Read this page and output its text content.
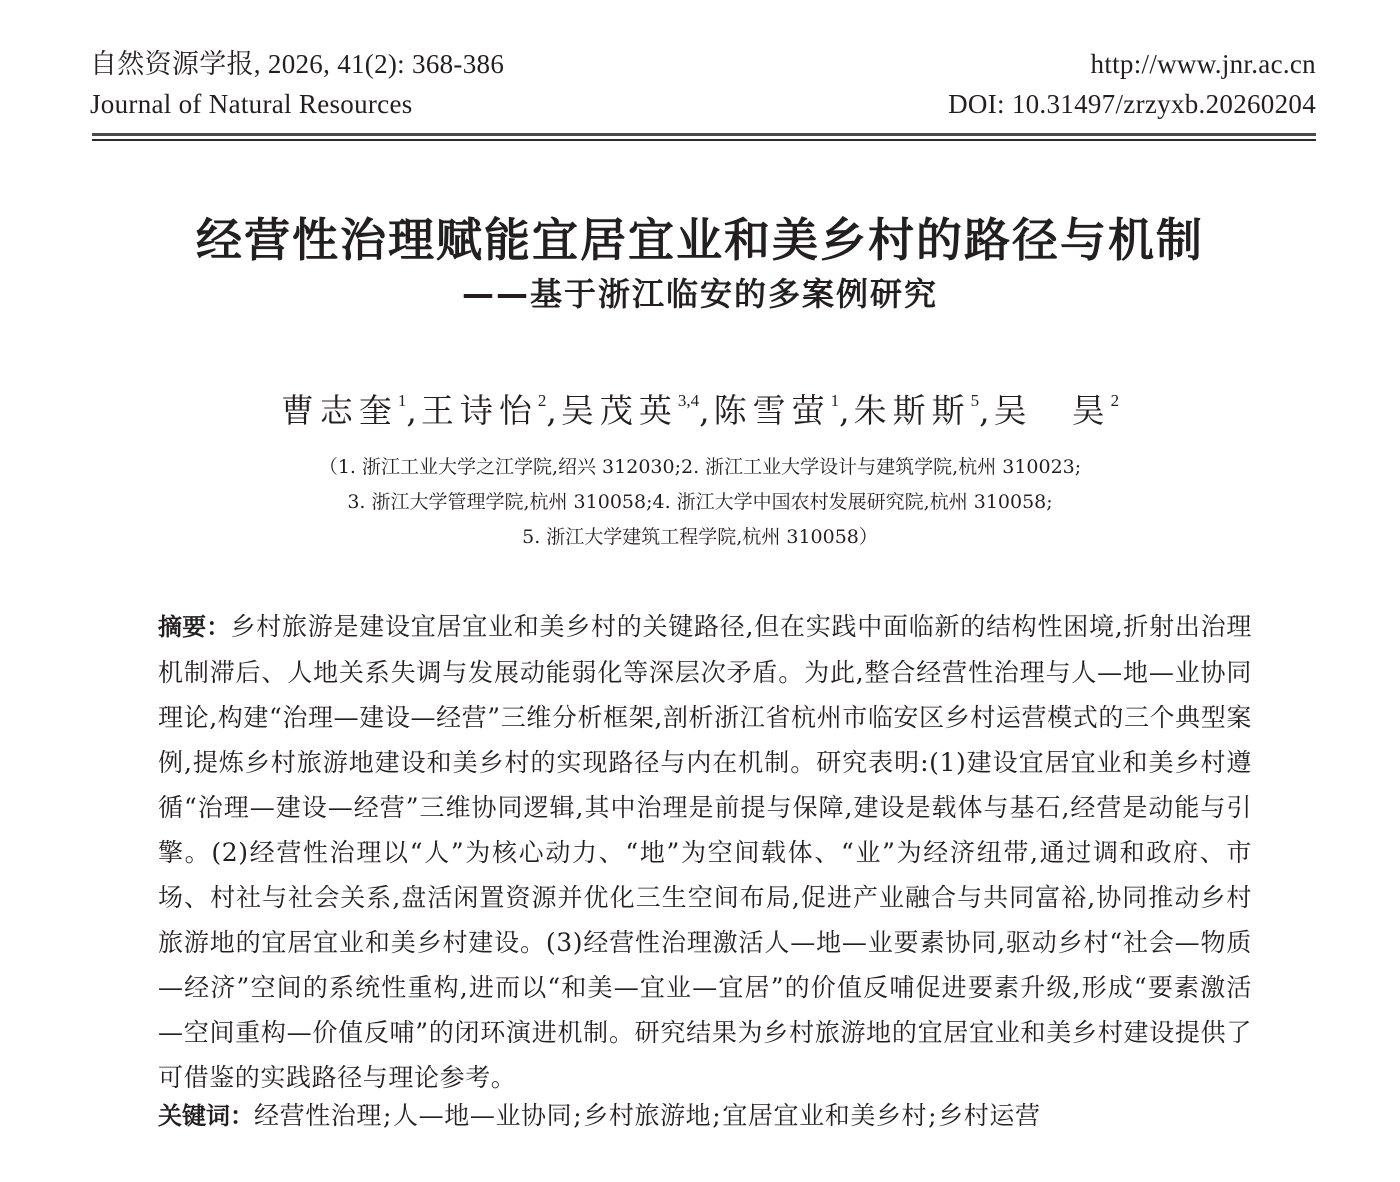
自然资源学报, 2026, 41(2): 368-386
Journal of Natural Resources
http://www.jnr.ac.cn
DOI: 10.31497/zrzyxb.20260204
经营性治理赋能宜居宜业和美乡村的路径与机制
——基于浙江临安的多案例研究
曹志奎$^1$,王诗怡$^2$,吴茂英$^{3,4}$,陈雪萤$^1$,朱斯斯$^5$,吴　昊$^2$
（1. 浙江工业大学之江学院,绍兴 312030;2. 浙江工业大学设计与建筑学院,杭州 310023;
3. 浙江大学管理学院,杭州 310058;4. 浙江大学中国农村发展研究院,杭州 310058;
5. 浙江大学建筑工程学院,杭州 310058）
摘要：乡村旅游是建设宜居宜业和美乡村的关键路径,但在实践中面临新的结构性困境,折射出治理机制滞后、人地关系失调与发展动能弱化等深层次矛盾。为此,整合经营性治理与人—地—业协同理论,构建“治理—建设—经营”三维分析框架,剖析浙江省杭州市临安区乡村运营模式的三个典型案例,提炼乡村旅游地建设和美乡村的实现路径与内在机制。研究表明:(1)建设宜居宜业和美乡村遵循“治理—建设—经营”三维协同逻辑,其中治理是前提与保障,建设是载体与基石,经营是动能与引擎。(2)经营性治理以“人”为核心动力、“地”为空间载体、“业”为经济纽带,通过调和政府、市场、村社与社会关系,盘活闲置资源并优化三生空间布局,促进产业融合与共同富裕,协同推动乡村旅游地的宜居宜业和美乡村建设。(3)经营性治理激活人—地—业要素协同,驱动乡村“社会—物质—经济”空间的系统性重构,进而以“和美—宜业—宜居”的价值反哺促进要素升级,形成“要素激活—空间重构—价值反哺”的闭环演进机制。研究结果为乡村旅游地的宜居宜业和美乡村建设提供了可借鉴的实践路径与理论参考。
关键词：经营性治理;人—地—业协同;乡村旅游地;宜居宜业和美乡村;乡村运营
